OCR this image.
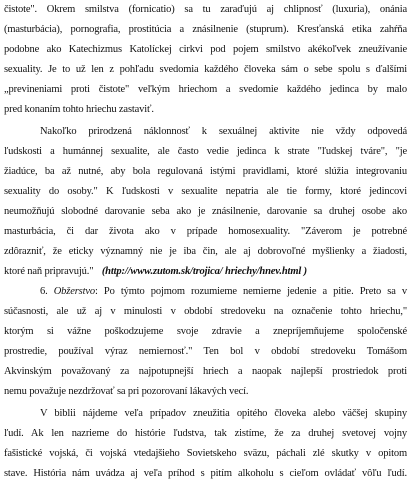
čistote". Okrem smilstva (fornicatio) sa tu zaraďujú aj chlipnosť (luxuria), onánia
(masturbácia), pornografia, prostitúcia a znásilnenie (stuprum). Kresťanská etika zahŕňa
podobne ako Katechizmus Katolíckej cirkvi pod pojem smilstvo akékoľvek zneužívanie
sexuality. Je to už len z pohľadu svedomia každého človeka sám o sebe spolu s ďalšími
„previneniami proti čistote" veľkým hriechom a svedomie každého jedinca by malo
pred konaním tohto hriechu zastaviť.
Nakoľko prirodzená náklonnosť k sexuálnej aktivite nie vždy odpovedá
ľudskosti a humánnej sexualite, ale často vedie jedinca k strate "ľudskej tváre", "je
žiadúce, ba až nutné, aby bola regulovaná istými pravidlami, ktoré slúžia integrovaniu
sexuality do osoby." K ľudskosti v sexualite nepatria ale tie formy, ktoré jedincovi
neumožňujú slobodné darovanie seba ako je znásilnenie, darovanie sa druhej osobe ako
masturbácia, či dar života ako v prípade homosexuality. "Záverom je potrebné
zdôrazniť, že eticky významný nie je iba čin, ale aj dobrovoľné myšlienky a žiadosti,
ktoré naň pripravujú." (http://www.zutom.sk/trojica/ hriechy/hnev.html )
6. Obžerstvo: Po týmto pojmom rozumieme nemierne jedenie a pitie. Preto sa v
súčasnosti, ale už aj v minulosti v období stredoveku na označenie tohto hriechu,"
ktorým si vážne poškodzujeme svoje zdravie a znepríjemňujeme spoločenské
prostredie, používal výraz nemiernosť." Ten bol v období stredoveku Tomášom
Akvinským považovaný za najpotupnejší hriech a naopak najlepší prostriedok proti
nemu považuje nezdržovať sa pri pozorovaní lákavých vecí.
V biblii nájdeme veľa prípadov zneužitia opitého človeka alebo väčšej skupiny
ľudí. Ak len nazrieme do histórie ľudstva, tak zistíme, že za druhej svetovej vojny
fašistické vojská, či vojská vtedajšieho Sovietskeho sväzu, páchali zlé skutky v opitom
stave. História nám uvádza aj veľa príhod s pitím alkoholu s cieľom ovládať vôľu ľudí.
